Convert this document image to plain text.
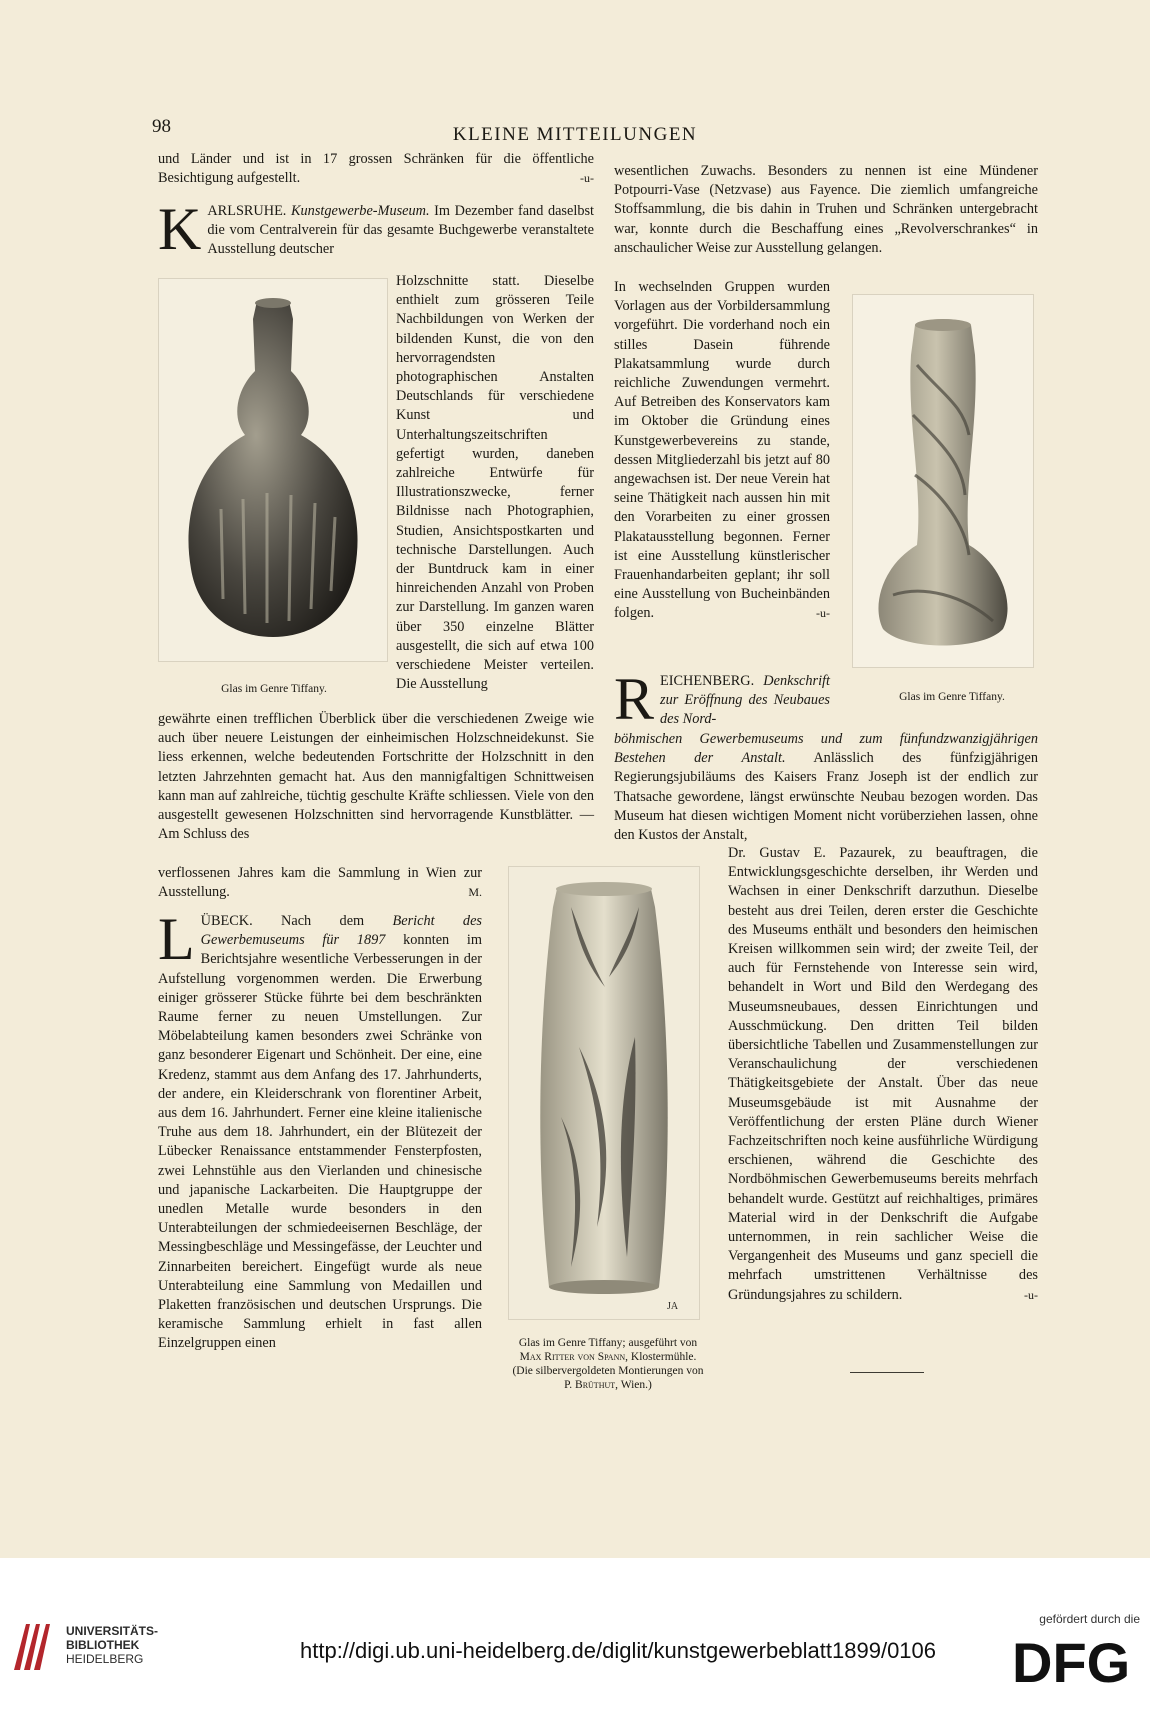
98	KLEINE MITTEILUNGEN

und Länder und ist in 17 grossen Schränken für die öffentliche Besichtigung aufgestellt.	-u-

KARLSRUHE. Kunstgewerbe-Museum. Im Dezember fand daselbst die vom Centralverein für das gesamte Buchgewerbe veranstaltete Ausstellung deutscher

Holzschnitte statt. Dieselbe enthielt zum grösseren Teile Nachbildungen von Werken der bildenden Kunst, die von den hervorragendsten photographischen Anstalten Deutschlands für verschiedene Kunst und Unterhaltungszeitschriften gefertigt wurden, daneben zahlreiche Entwürfe für Illustrationszwecke, ferner Bildnisse nach Photographien, Studien, Ansichtspostkarten und technische Darstellungen. Auch der Buntdruck kam in einer hinreichenden Anzahl von Proben zur Darstellung. Im ganzen waren über 350 einzelne Blätter ausgestellt, die sich auf etwa 100 verschiedene Meister verteilen. Die Ausstellung

gewährte einen trefflichen Überblick über die verschiedenen Zweige wie auch über neuere Leistungen der einheimischen Holzschneidekunst. Sie liess erkennen, welche bedeutenden Fortschritte der Holzschnitt in den letzten Jahrzehnten gemacht hat. Aus den mannigfaltigen Schnittweisen kann man auf zahlreiche, tüchtig geschulte Kräfte schliessen. Viele von den ausgestellt gewesenen Holzschnitten sind hervorragende Kunstblätter. — Am Schluss des

verflossenen Jahres kam die Sammlung in Wien zur Ausstellung.	M.

LÜBECK. Nach dem Bericht des Gewerbemuseums für 1897 konnten im Berichtsjahre wesentliche Verbesserungen in der Aufstellung vorgenommen werden. Die Erwerbung einiger grösserer Stücke führte bei dem beschränkten Raume ferner zu neuen Umstellungen. Zur Möbelabteilung kamen besonders zwei Schränke von ganz besonderer Eigenart und Schönheit. Der eine, eine Kredenz, stammt aus dem Anfang des 17. Jahrhunderts, der andere, ein Kleiderschrank von florentiner Arbeit, aus dem 16. Jahrhundert. Ferner eine kleine italienische Truhe aus dem 18. Jahrhundert, ein der Blütezeit der Lübecker Renaissance entstammender Fensterpfosten, zwei Lehnstühle aus den Vierlanden und chinesische und japanische Lackarbeiten. Die Hauptgruppe der unedlen Metalle wurde besonders in den Unterabteilungen der schmiedeeisernen Beschläge, der Messingbeschläge und Messingefässe, der Leuchter und Zinnarbeiten bereichert. Eingefügt wurde als neue Unterabteilung eine Sammlung von Medaillen und Plaketten französischen und deutschen Ursprungs. Die keramische Sammlung erhielt in fast allen Einzelgruppen einen

Glas im Genre Tiffany.

wesentlichen Zuwachs. Besonders zu nennen ist eine Mündener Potpourri-Vase (Netzvase) aus Fayence. Die ziemlich umfangreiche Stoffsammlung, die bis dahin in Truhen und Schränken untergebracht war, konnte durch die Beschaffung eines „Revolverschrankes“ in anschaulicher Weise zur Ausstellung gelangen.

In wechselnden Gruppen wurden Vorlagen aus der Vorbildersammlung vorgeführt. Die vorderhand noch ein stilles Dasein führende Plakatsammlung wurde durch reichliche Zuwendungen vermehrt. Auf Betreiben des Konservators kam im Oktober die Gründung eines Kunstgewerbevereins zu stande, dessen Mitgliederzahl bis jetzt auf 80 angewachsen ist. Der neue Verein hat seine Thätigkeit nach aussen hin mit den Vorarbeiten zu einer grossen Plakatausstellung begonnen. Ferner ist eine Ausstellung künstlerischer Frauenhandarbeiten geplant; ihr soll eine Ausstellung von Bucheinbänden folgen.	-u-

REICHENBERG. Denkschrift zur Eröffnung des Neubaues des Nord-

böhmischen Gewerbemuseums und zum fünfundzwanzigjährigen Bestehen der Anstalt. Anlässlich des fünfzigjährigen Regierungsjubiläums des Kaisers Franz Joseph ist der endlich zur Thatsache gewordene, längst erwünschte Neubau bezogen worden. Das Museum hat diesen wichtigen Moment nicht vorüberziehen lassen, ohne den Kustos der Anstalt,

Dr. Gustav E. Pazaurek, zu beauftragen, die Entwicklungsgeschichte derselben, ihr Werden und Wachsen in einer Denkschrift darzuthun. Dieselbe besteht aus drei Teilen, deren erster die Geschichte des Museums enthält und besonders den heimischen Kreisen willkommen sein wird; der zweite Teil, der auch für Fernstehende von Interesse sein wird, behandelt in Wort und Bild den Werdegang des Museumsneubaues, dessen Einrichtungen und Ausschmückung. Den dritten Teil bilden übersichtliche Tabellen und Zusammenstellungen zur Veranschaulichung der verschiedenen Thätigkeitsgebiete der Anstalt. Über das neue Museumsgebäude ist mit Ausnahme der Veröffentlichung der ersten Pläne durch Wiener Fachzeitschriften noch keine ausführliche Würdigung erschienen, während die Geschichte des Nordböhmischen Gewerbemuseums bereits mehrfach behandelt wurde. Gestützt auf reichhaltiges, primäres Material wird in der Denkschrift die Aufgabe unternommen, in rein sachlicher Weise die Vergangenheit des Museums und ganz speciell die mehrfach umstrittenen Verhältnisse des Gründungsjahres zu schildern.	-u-

Glas im Genre Tiffany.

JA

Glas im Genre Tiffany; ausgeführt von Max Ritter von Spann, Klostermühle. (Die silbervergoldeten Montierungen von P. Brüthut, Wien.)

UNIVERSITÄTS-
BIBLIOTHEK
HEIDELBERG	http://digi.ub.uni-heidelberg.de/diglit/kunstgewerbeblatt1899/0106
gefördert durch die
DFG
